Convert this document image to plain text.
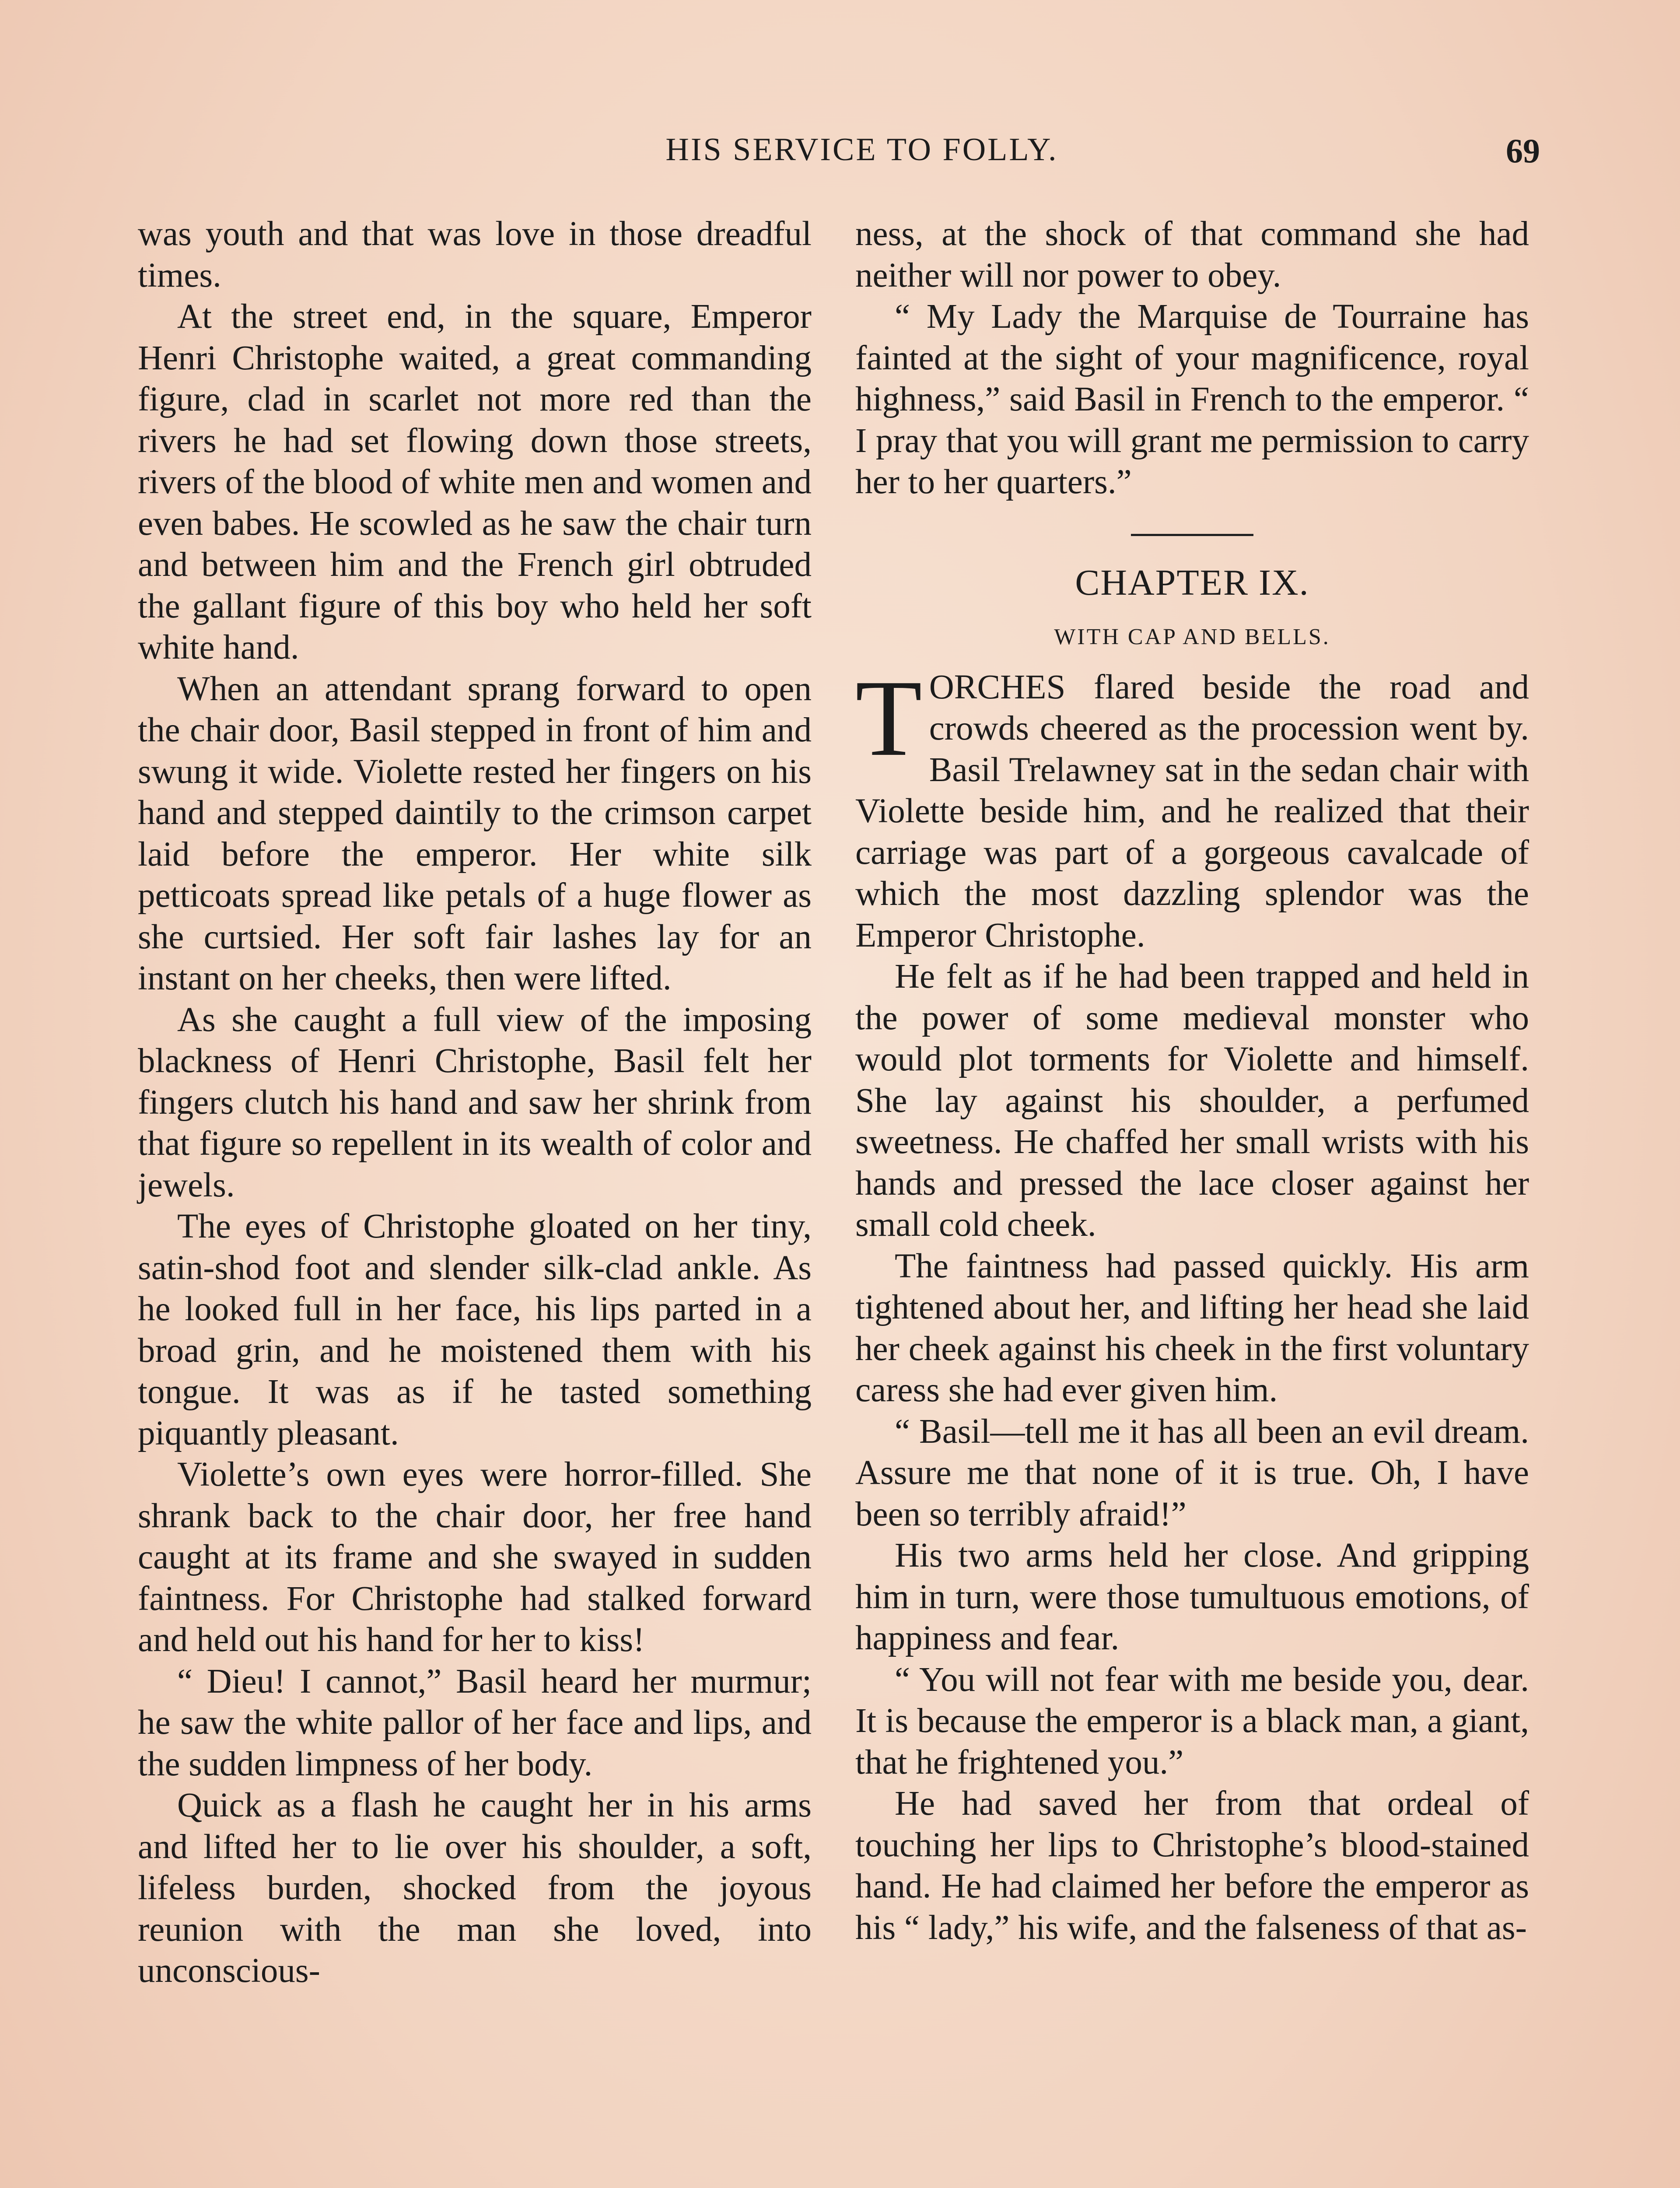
HIS SERVICE TO FOLLY.	69

was youth and that was love in those dreadful times.

At the street end, in the square, Emperor Henri Christophe waited, a great commanding figure, clad in scarlet not more red than the rivers he had set flowing down those streets, rivers of the blood of white men and women and even babes. He scowled as he saw the chair turn and between him and the French girl obtruded the gallant figure of this boy who held her soft white hand.

When an attendant sprang forward to open the chair door, Basil stepped in front of him and swung it wide. Violette rested her fingers on his hand and stepped daintily to the crimson carpet laid before the emperor. Her white silk petticoats spread like petals of a huge flower as she curtsied. Her soft fair lashes lay for an instant on her cheeks, then were lifted.

As she caught a full view of the imposing blackness of Henri Christophe, Basil felt her fingers clutch his hand and saw her shrink from that figure so repellent in its wealth of color and jewels.

The eyes of Christophe gloated on her tiny, satin-shod foot and slender silk-clad ankle. As he looked full in her face, his lips parted in a broad grin, and he moistened them with his tongue. It was as if he tasted something piquantly pleasant.

Violette’s own eyes were horror-filled. She shrank back to the chair door, her free hand caught at its frame and she swayed in sudden faintness. For Christophe had stalked forward and held out his hand for her to kiss!

“ Dieu! I cannot,” Basil heard her murmur; he saw the white pallor of her face and lips, and the sudden limpness of her body.

Quick as a flash he caught her in his arms and lifted her to lie over his shoulder, a soft, lifeless burden, shocked from the joyous reunion with the man she loved, into unconscious-

ness, at the shock of that command she had neither will nor power to obey.

“ My Lady the Marquise de Tourraine has fainted at the sight of your magnificence, royal highness,” said Basil in French to the emperor. “ I pray that you will grant me permission to carry her to her quarters.”

CHAPTER IX.

WITH CAP AND BELLS.

TORCHES flared beside the road and crowds cheered as the procession went by. Basil Trelawney sat in the sedan chair with Violette beside him, and he realized that their carriage was part of a gorgeous cavalcade of which the most dazzling splendor was the Emperor Christophe.

He felt as if he had been trapped and held in the power of some medieval monster who would plot torments for Violette and himself. She lay against his shoulder, a perfumed sweetness. He chaffed her small wrists with his hands and pressed the lace closer against her small cold cheek.

The faintness had passed quickly. His arm tightened about her, and lifting her head she laid her cheek against his cheek in the first voluntary caress she had ever given him.

“ Basil—tell me it has all been an evil dream. Assure me that none of it is true. Oh, I have been so terribly afraid!”

His two arms held her close. And gripping him in turn, were those tumultuous emotions, of happiness and fear.

“ You will not fear with me beside you, dear. It is because the emperor is a black man, a giant, that he frightened you.”

He had saved her from that ordeal of touching her lips to Christophe’s blood-stained hand. He had claimed her before the emperor as his “ lady,” his wife, and the falseness of that as-
